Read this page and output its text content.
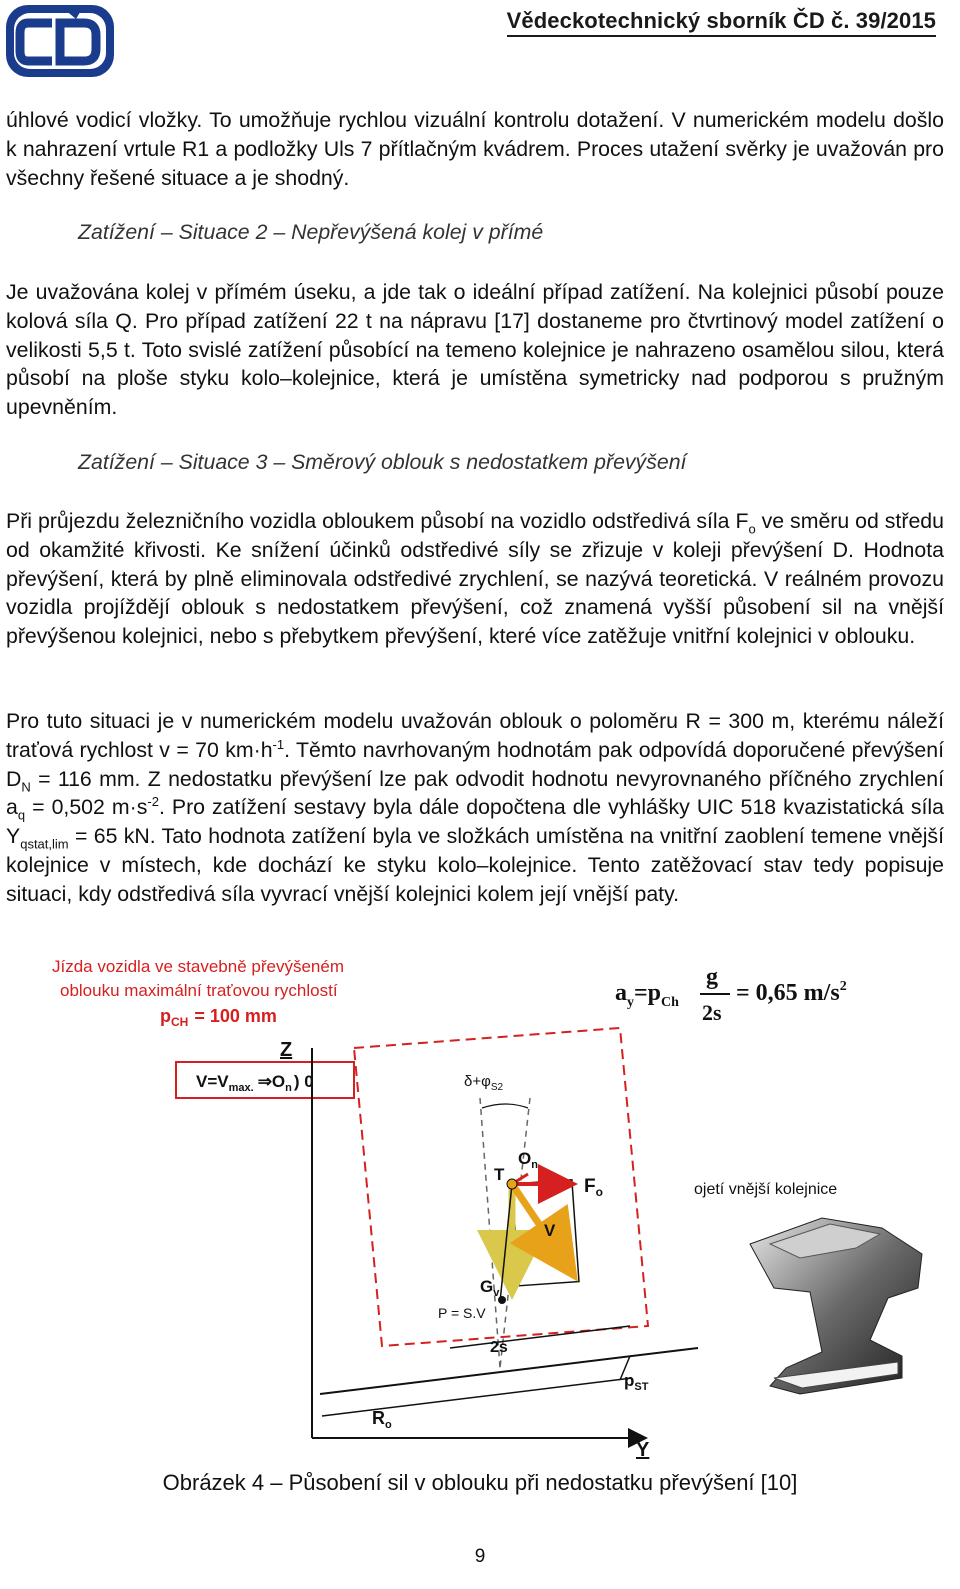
Vědeckotechnický sborník ČD č. 39/2015

úhlové vodicí vložky. To umožňuje rychlou vizuální kontrolu dotažení. V numerickém modelu došlo k nahrazení vrtule R1 a podložky Uls 7 přítlačným kvádrem. Proces utažení svěrky je uvažován pro všechny řešené situace a je shodný.

Zatížení – Situace 2 – Nepřevýšená kolej v přímé

Je uvažována kolej v přímém úseku, a jde tak o ideální případ zatížení. Na kolejnici působí pouze kolová síla Q. Pro případ zatížení 22 t na nápravu [17] dostaneme pro čtvrtinový model zatížení o velikosti 5,5 t. Toto svislé zatížení působící na temeno kolejnice je nahrazeno osamělou silou, která působí na ploše styku kolo–kolejnice, která je umístěna symetricky nad podporou s pružným upevněním.

Zatížení – Situace 3 – Směrový oblouk s nedostatkem převýšení

Při průjezdu železničního vozidla obloukem působí na vozidlo odstředivá síla $F_o$ ve směru od středu od okamžité křivosti. Ke snížení účinků odstředivé síly se zřizuje v koleji převýšení D. Hodnota převýšení, která by plně eliminovala odstředivé zrychlení, se nazývá teoretická. V reálném provozu vozidla projíždějí oblouk s nedostatkem převýšení, což znamená vyšší působení sil na vnější převýšenou kolejnici, nebo s přebytkem převýšení, které více zatěžuje vnitřní kolejnici v oblouku.

Pro tuto situaci je v numerickém modelu uvažován oblouk o poloměru R = 300 m, kterému náleží traťová rychlost v = 70 $km\cdot h^{-1}$. Těmto navrhovaným hodnotám pak odpovídá doporučené převýšení $D_N = 116$ mm. Z nedostatku převýšení lze pak odvodit hodnotu nevyrovnaného příčného zrychlení $a_q = 0,502$ $m\cdot s^{-2}$. Pro zatížení sestavy byla dále dopočtena dle vyhlášky UIC 518 kvazistatická síla $Y_{qstat,lim} = 65$ kN. Tato hodnota zatížení byla ve složkách umístěna na vnitřní zaoblení temene vnější kolejnice v místech, kde dochází ke styku kolo–kolejnice. Tento zatěžovací stav tedy popisuje situaci, kdy odstředivá síla vyvrací vnější kolejnici kolem její vnější paty.

Jízda vozidla ve stavebně převýšeném
oblouku maximální traťovou rychlostí
$p_{CH} = 100$ mm
$a_y=p_{Ch}$
g
2s
= 0,65 $m/s^2$
$V=V_{max.}$ $\Rightarrow O_n$ ) 0	$\delta+\varphi_{S2}$
Z
Y
$O_n$
T
$F_o$
V
$G_v$
P = S.V
2s
$p_{ST}$
$R_o$
ojetí vnější kolejnice
Obrázek 4 – Působení sil v oblouku při nedostatku převýšení [10]
9
